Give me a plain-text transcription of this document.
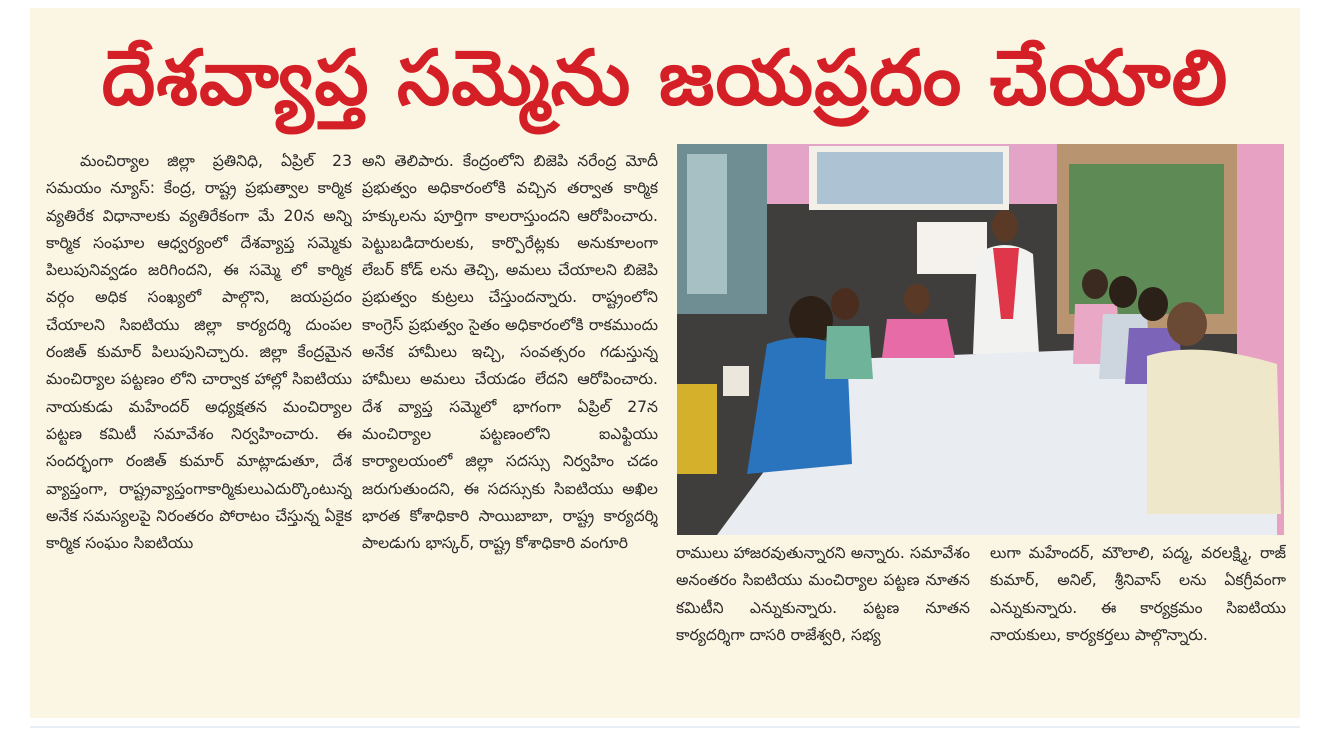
దేశవ్యాప్త సమ్మెను జయప్రదం చేయాలి

మంచిర్యాల జిల్లా ప్రతినిధి, ఏప్రిల్ 23 సమయం న్యూస్: కేంద్ర, రాష్ట్ర ప్రభుత్వాల కార్మిక వ్యతిరేక విధానాలకు వ్యతిరేకంగా మే 20న అన్ని కార్మిక సంఘాల ఆధ్వర్యంలో దేశవ్యాప్త సమ్మెకు పిలుపునివ్వడం జరిగిందని, ఈ సమ్మె లో కార్మిక వర్గం అధిక సంఖ్యలో పాల్గొని, జయప్రదం చేయాలని సిఐటియు జిల్లా కార్యదర్శి దుంపల రంజిత్ కుమార్ పిలుపునిచ్చారు. జిల్లా కేంద్రమైన మంచిర్యాల పట్టణం లోని చార్వాక హాల్లో సిఐటియు నాయకుడు మహేందర్ అధ్యక్షతన మంచిర్యాల పట్టణ కమిటీ సమావేశం నిర్వహించారు. ఈ సందర్భంగా రంజిత్ కుమార్ మాట్లాడుతూ, దేశ వ్యాప్తంగా, రాష్ట్రవ్యాప్తంగాకార్మికులుఎదుర్కొంటున్న అనేక సమస్యలపై నిరంతరం పోరాటం చేస్తున్న ఏకైక కార్మిక సంఘం సిఐటియు

అని తెలిపారు. కేంద్రంలోని బిజెపి నరేంద్ర మోదీ ప్రభుత్వం అధికారంలోకి వచ్చిన తర్వాత కార్మిక హక్కులను పూర్తిగా కాలరాస్తుందని ఆరోపించారు. పెట్టుబడిదారులకు, కార్పొరేట్లకు అనుకూలంగా లేబర్ కోడ్ లను తెచ్చి, అమలు చేయాలని బిజెపి ప్రభుత్వం కుట్రలు చేస్తుందన్నారు. రాష్ట్రంలోని కాంగ్రెస్ ప్రభుత్వం సైతం అధికారంలోకి రాకముందు అనేక హామీలు ఇచ్చి, సంవత్సరం గడుస్తున్న హామీలు అమలు చేయడం లేదని ఆరోపించారు. దేశ వ్యాప్త సమ్మెలో భాగంగా ఏప్రిల్ 27న మంచిర్యాల పట్టణంలోని ఐఎఫ్టియు కార్యాలయంలో జిల్లా సదస్సు నిర్వహిం చడం జరుగుతుందని, ఈ సదస్సుకు సిఐటియు అఖిల భారత కోశాధికారి సాయిబాబా, రాష్ట్ర కార్యదర్శి పాలడుగు భాస్కర్, రాష్ట్ర కోశాధికారి వంగూరి

రాములు హాజరవుతున్నారని అన్నారు. సమావేశం అనంతరం సిఐటియు మంచిర్యాల పట్టణ నూతన కమిటీని ఎన్నుకున్నారు. పట్టణ నూతన కార్యదర్శిగా దాసరి రాజేశ్వరి, సభ్య

లుగా మహేందర్, మౌలాలి, పద్మ, వరలక్ష్మి, రాజ్ కుమార్, అనిల్, శ్రీనివాస్ లను ఏకగ్రీవంగా ఎన్నుకున్నారు. ఈ కార్యక్రమం సిఐటియు నాయకులు, కార్యకర్తలు పాల్గొన్నారు.
